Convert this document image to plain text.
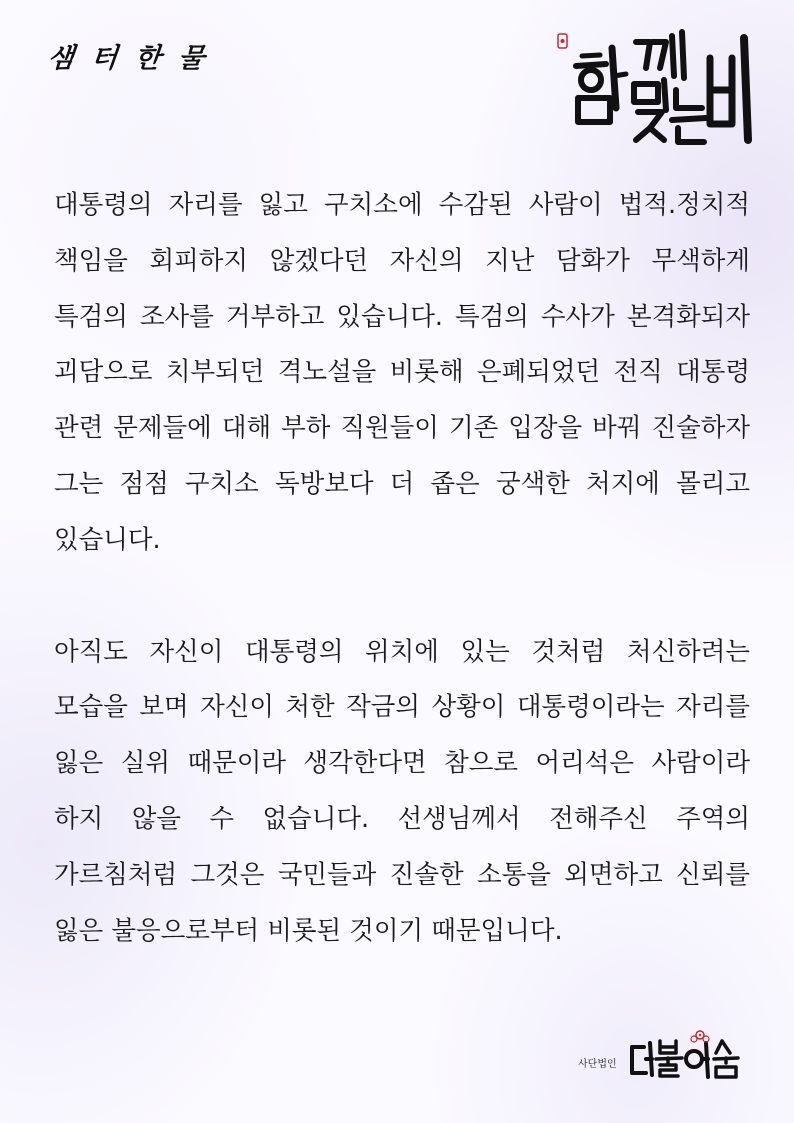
샘 터 한 물

대통령의 자리를 잃고 구치소에 수감된 사람이 법적.정치적 책임을 회피하지 않겠다던 자신의 지난 담화가 무색하게 특검의 조사를 거부하고 있습니다. 특검의 수사가 본격화되자 괴담으로 치부되던 격노설을 비롯해 은폐되었던 전직 대통령 관련 문제들에 대해 부하 직원들이 기존 입장을 바꿔 진술하자 그는 점점 구치소 독방보다 더 좁은 궁색한 처지에 몰리고 있습니다.

아직도 자신이 대통령의 위치에 있는 것처럼 처신하려는 모습을 보며 자신이 처한 작금의 상황이 대통령이라는 자리를 잃은 실위 때문이라 생각한다면 참으로 어리석은 사람이라 하지 않을 수 없습니다. 선생님께서 전해주신 주역의 가르침처럼 그것은 국민들과 진솔한 소통을 외면하고 신뢰를 잃은 불응으로부터 비롯된 것이기 때문입니다.

사단법인
